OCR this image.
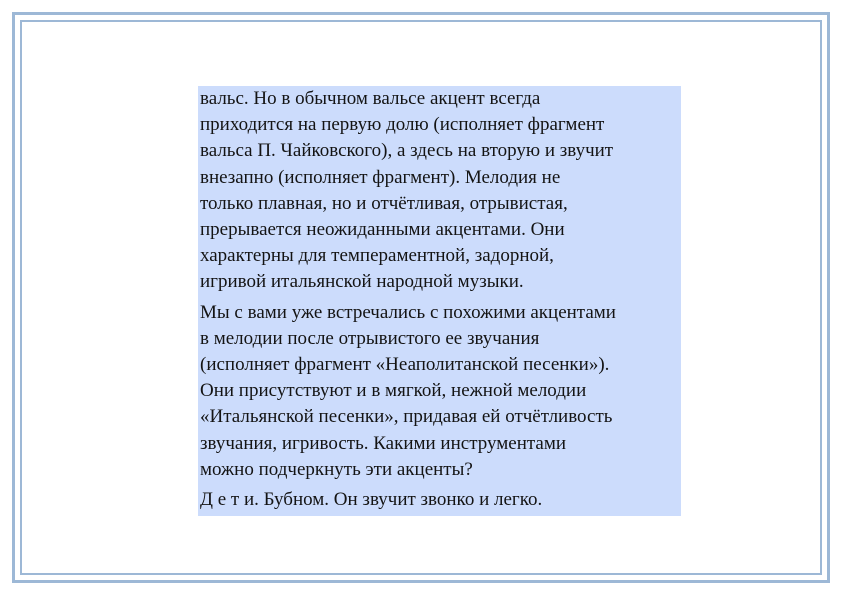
вальс. Но в обычном вальсе акцент всегда
приходится на первую долю (исполняет фрагмент
вальса П. Чайковского), а здесь на вторую и звучит
внезапно (исполняет фрагмент). Мелодия не
только плавная, но и отчётливая, отрывистая,
прерывается неожиданными акцентами. Они
характерны для темпераментной, задорной,
игривой итальянской народной музыки.

Мы с вами уже встречались с похожими акцентами
в мелодии после отрывистого ее звучания
(исполняет фрагмент «Неаполитанской песенки»).
Они присутствуют и в мягкой, нежной мелодии
«Итальянской песенки», придавая ей отчётливость
звучания, игривость. Какими инструментами
можно подчеркнуть эти акценты?

Д е т и. Бубном. Он звучит звонко и легко.
